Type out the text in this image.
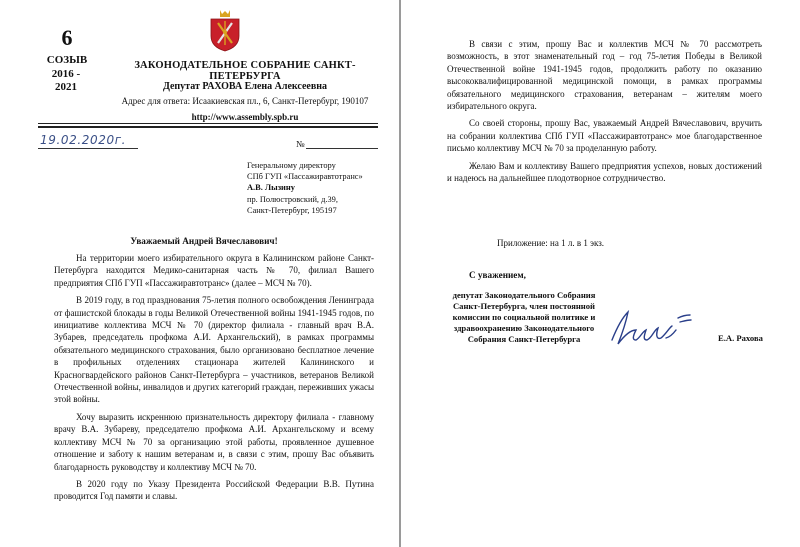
6
СОЗЫВ
2016 -
2021
ЗАКОНОДАТЕЛЬНОЕ СОБРАНИЕ САНКТ-ПЕТЕРБУРГА
Депутат РАХОВА Елена Алексеевна
Адрес для ответа: Исаакиевская пл., 6, Санкт-Петербург, 190107
http://www.assembly.spb.ru
19.02.2020г.	№
Генеральному директору
СПб ГУП «Пассажиравтотранс»
А.В. Лызину
пр. Полюстровский, д.39,
Санкт-Петербург, 195197
Уважаемый Андрей Вячеславович!

На территории моего избирательного округа в Калининском районе Санкт-Петербурга находится Медико-санитарная часть № 70, филиал Вашего предприятия СПб ГУП «Пассажиравтотранс» (далее – МСЧ № 70).

В 2019 году, в год празднования 75-летия полного освобождения Ленинграда от фашистской блокады в годы Великой Отечественной войны 1941-1945 годов, по инициативе коллектива МСЧ № 70 (директор филиала - главный врач В.А. Зубарев, председатель профкома А.И. Архангельский), в рамках программы обязательного медицинского страхования, было организовано бесплатное лечение в профильных отделениях стационара жителей Калининского и Красногвардейского районов Санкт-Петербурга – участников, ветеранов Великой Отечественной войны, инвалидов и других категорий граждан, переживших ужасы этой войны.

Хочу выразить искреннюю признательность директору филиала - главному врачу В.А. Зубареву, председателю профкома А.И. Архангельскому и всему коллективу МСЧ № 70 за организацию этой работы, проявленное душевное отношение и заботу к нашим ветеранам и, в связи с этим, прошу Вас объявить благодарность руководству и коллективу МСЧ № 70.

В 2020 году по Указу Президента Российской Федерации В.В. Путина проводится Год памяти и славы.

В связи с этим, прошу Вас и коллектив МСЧ № 70 рассмотреть возможность, в этот знаменательный год – год 75-летия Победы в Великой Отечественной войне 1941-1945 годов, продолжить работу по оказанию высококвалифицированной медицинской помощи, в рамках программы обязательного медицинского страхования, ветеранам – жителям моего избирательного округа.

Со своей стороны, прошу Вас, уважаемый Андрей Вячеславович, вручить на собрании коллектива СПб ГУП «Пассажиравтотранс» мое благодарственное письмо коллективу МСЧ № 70 за проделанную работу.

Желаю Вам и коллективу Вашего предприятия успехов, новых достижений и надеюсь на дальнейшее плодотворное сотрудничество.

Приложение: на 1 л. в 1 экз.
С уважением,
депутат Законодательного Собрания Санкт-Петербурга, член постоянной комиссии по социальной политике и здравоохранению Законодательного Собрания Санкт-Петербурга	Е.А. Рахова
